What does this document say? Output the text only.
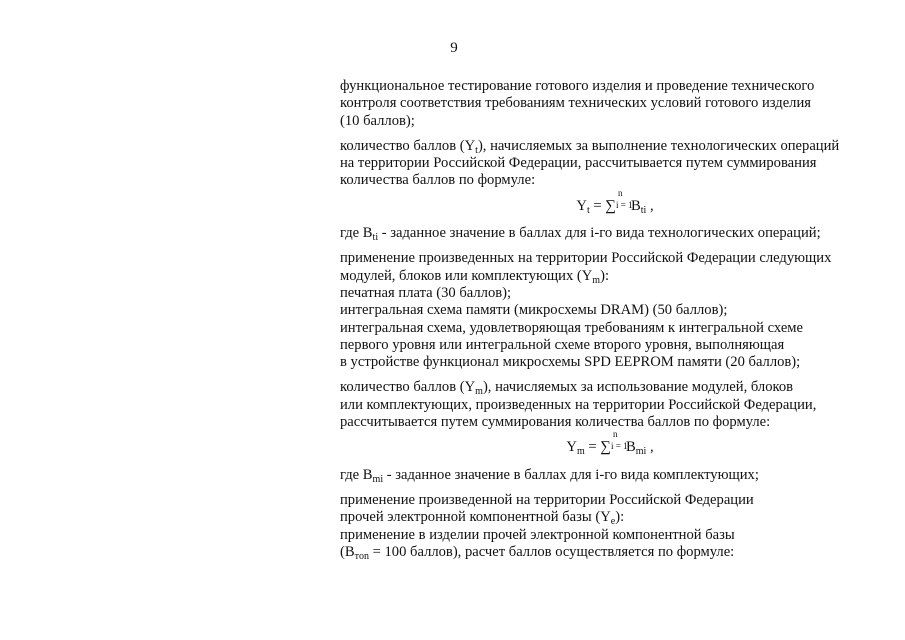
9
функциональное тестирование готового изделия и проведение технического
контроля соответствия требованиям технических условий готового изделия
(10 баллов);
количество баллов $(Y_t)$, начисляемых за выполнение технологических операций
на территории Российской Федерации, рассчитывается путем суммирования
количества баллов по формуле:
$Y_t$ = ∑
n
i = 1
$B_{ti}$ ,
где $B_{ti}$ - заданное значение в баллах для i-го вида технологических операций;
применение произведенных на территории Российской Федерации следующих
модулей, блоков или комплектующих $(Y_m)$:
печатная плата (30 баллов);
интегральная схема памяти (микросхемы DRAM) (50 баллов);
интегральная схема, удовлетворяющая требованиям к интегральной схеме
первого уровня или интегральной схеме второго уровня, выполняющая
в устройстве функционал микросхемы SPD EEPROM памяти (20 баллов);
количество баллов $(Y_m)$, начисляемых за использование модулей, блоков
или комплектующих, произведенных на территории Российской Федерации,
рассчитывается путем суммирования количества баллов по формуле:
$Y_m$ = ∑
n
i = 1
$B_{mi}$ ,
где $B_{mi}$ - заданное значение в баллах для i-го вида комплектующих;
применение произведенной на территории Российской Федерации
прочей электронной компонентной базы $(Y_e)$:
применение в изделии прочей электронной компонентной базы
($B_{тon} = 100$ баллов), расчет баллов осуществляется по формуле:
